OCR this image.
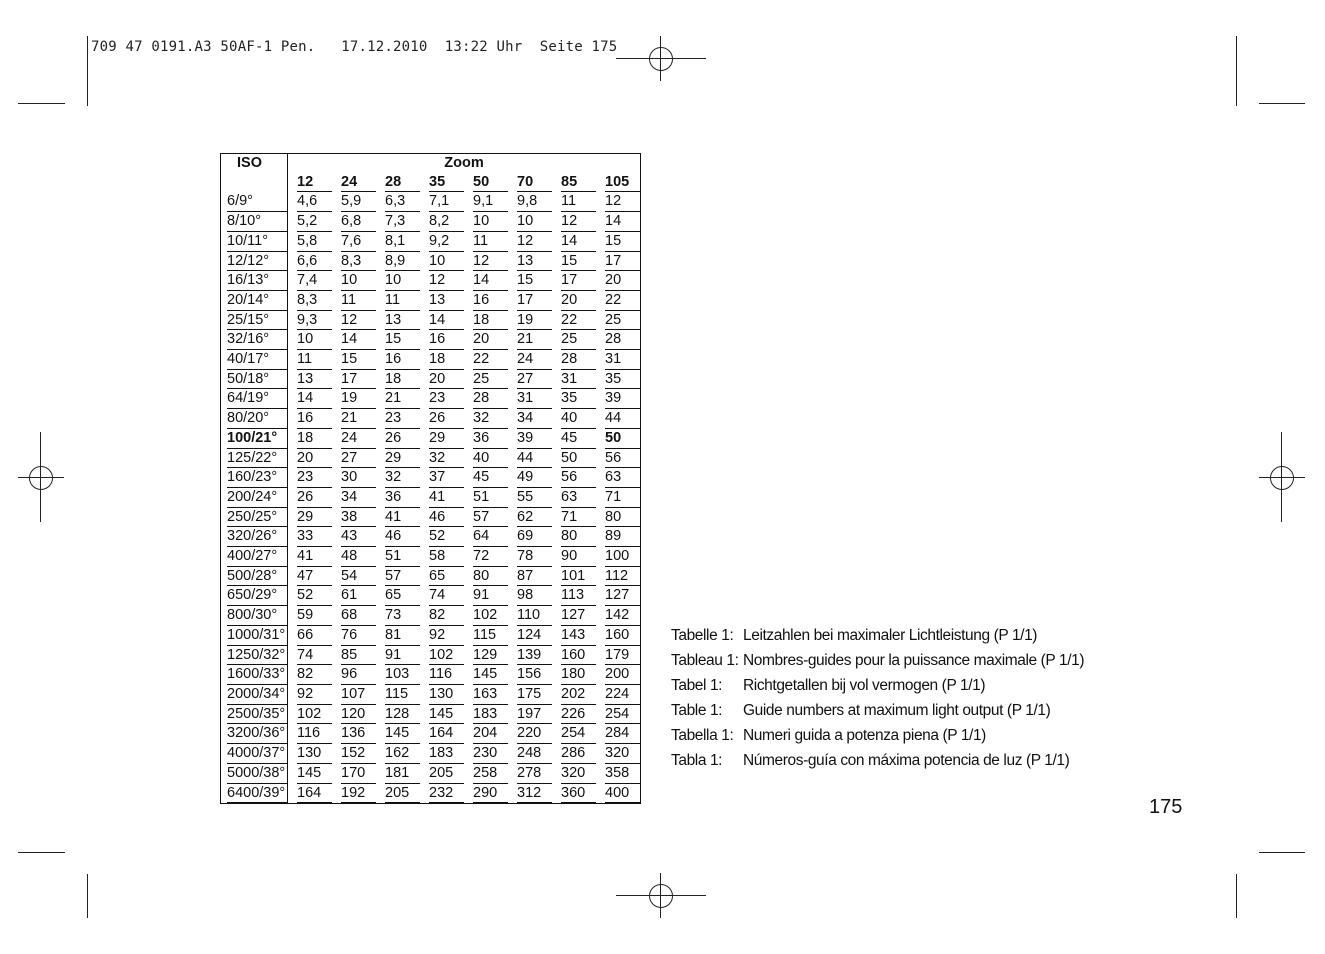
709 47 0191.A3 50AF-1 Pen.   17.12.2010  13:22 Uhr  Seite 175
ISO	Zoom							
	12	24	28	35	50	70	85	105
6/9°	4,6	5,9	6,3	7,1	9,1	9,8	11	12
8/10°	5,2	6,8	7,3	8,2	10	10	12	14
10/11°	5,8	7,6	8,1	9,2	11	12	14	15
12/12°	6,6	8,3	8,9	10	12	13	15	17
16/13°	7,4	10	10	12	14	15	17	20
20/14°	8,3	11	11	13	16	17	20	22
25/15°	9,3	12	13	14	18	19	22	25
32/16°	10	14	15	16	20	21	25	28
40/17°	11	15	16	18	22	24	28	31
50/18°	13	17	18	20	25	27	31	35
64/19°	14	19	21	23	28	31	35	39
80/20°	16	21	23	26	32	34	40	44
100/21°	18	24	26	29	36	39	45	50
125/22°	20	27	29	32	40	44	50	56
160/23°	23	30	32	37	45	49	56	63
200/24°	26	34	36	41	51	55	63	71
250/25°	29	38	41	46	57	62	71	80
320/26°	33	43	46	52	64	69	80	89
400/27°	41	48	51	58	72	78	90	100
500/28°	47	54	57	65	80	87	101	112
650/29°	52	61	65	74	91	98	113	127
800/30°	59	68	73	82	102	110	127	142
1000/31°	66	76	81	92	115	124	143	160
1250/32°	74	85	91	102	129	139	160	179
1600/33°	82	96	103	116	145	156	180	200
2000/34°	92	107	115	130	163	175	202	224
2500/35°	102	120	128	145	183	197	226	254
3200/36°	116	136	145	164	204	220	254	284
4000/37°	130	152	162	183	230	248	286	320
5000/38°	145	170	181	205	258	278	320	358
6400/39°	164	192	205	232	290	312	360	400
Tabelle 1: Leitzahlen bei maximaler Lichtleistung (P 1/1)
Tableau 1: Nombres-guides pour la puissance maximale (P 1/1)
Tabel 1:	Richtgetallen bij vol vermogen (P 1/1)
Table 1:	Guide numbers at maximum light output (P 1/1)
Tabella 1: Numeri guida a potenza piena (P 1/1)
Tabla 1:	Números-guía con máxima potencia de luz (P 1/1)
175
